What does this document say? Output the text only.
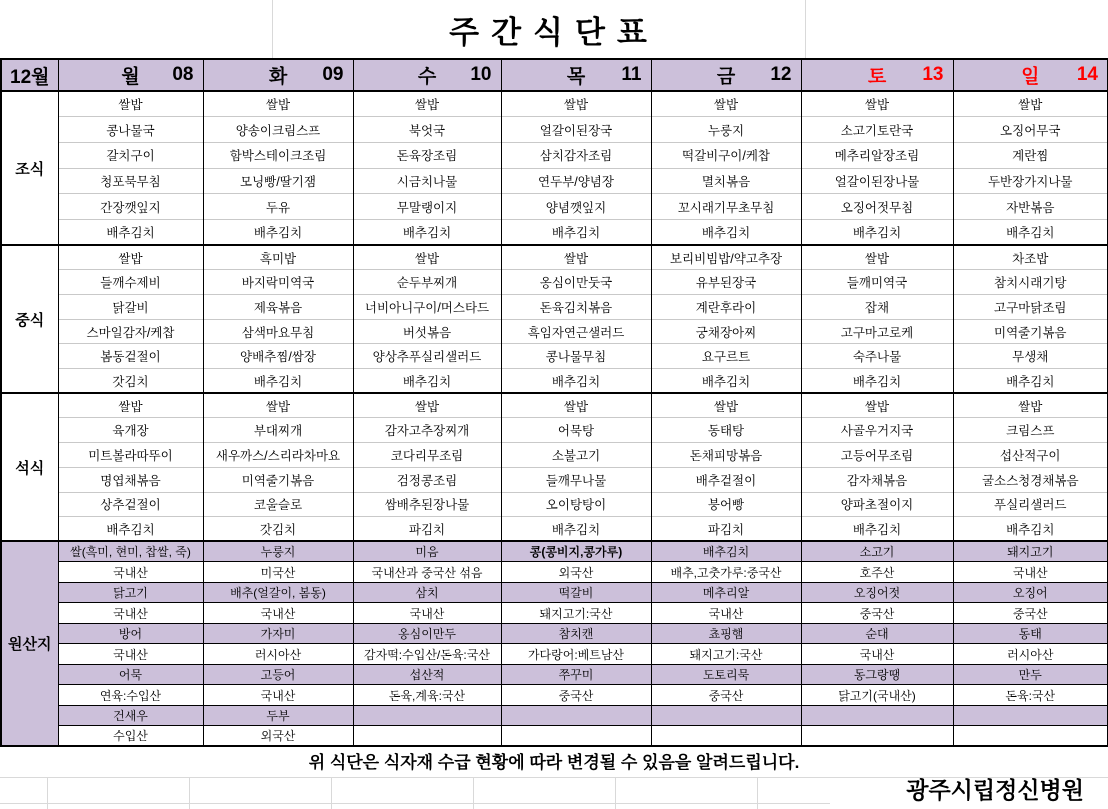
주간식단표
12월	월 08	화 09	수 10	목 11	금 12	토 13	일 14

조식	쌀밥	쌀밥	쌀밥	쌀밥	쌀밥	쌀밥	쌀밥
	콩나물국	양송이크림스프	북엇국	얼갈이된장국	누룽지	소고기토란국	오징어무국
	갈치구이	함박스테이크조림	돈육장조림	삼치감자조림	떡갈비구이/케찹	메추리알장조림	계란찜
	청포묵무침	모닝빵/딸기잼	시금치나물	연두부/양념장	멸치볶음	얼갈이된장나물	두반장가지나물
	간장깻잎지	두유	무말랭이지	양념깻잎지	꼬시래기무초무침	오징어젓무침	자반볶음
	배추김치	배추김치	배추김치	배추김치	배추김치	배추김치	배추김치
중식	쌀밥	흑미밥	쌀밥	쌀밥	보리비빔밥/약고추장	쌀밥	차조밥
	들깨수제비	바지락미역국	순두부찌개	옹심이만둣국	유부된장국	들깨미역국	참치시래기탕
	닭갈비	제육볶음	너비아니구이/머스타드	돈육김치볶음	계란후라이	잡채	고구마닭조림
	스마일감자/케찹	삼색마요무침	버섯볶음	흑임자연근샐러드	궁채장아찌	고구마고로케	미역줄기볶음
	봄동겉절이	양배추찜/쌈장	양상추푸실리샐러드	콩나물무침	요구르트	숙주나물	무생채
	갓김치	배추김치	배추김치	배추김치	배추김치	배추김치	배추김치
석식	쌀밥	쌀밥	쌀밥	쌀밥	쌀밥	쌀밥	쌀밥
	육개장	부대찌개	감자고추장찌개	어묵탕	동태탕	사골우거지국	크림스프
	미트볼라따뚜이	새우까스/스리라차마요	코다리무조림	소불고기	돈채피망볶음	고등어무조림	섭산적구이
	명엽채볶음	미역줄기볶음	검정콩조림	들깨무나물	배추겉절이	감자채볶음	굴소스청경채볶음
	상추겉절이	코울슬로	쌈배추된장나물	오이탕탕이	붕어빵	양파초절이지	푸실리샐러드
	배추김치	갓김치	파김치	배추김치	파김치	배추김치	배추김치
원산지	쌀(흑미, 현미, 찹쌀, 죽)	누룽지	미음	콩(콩비지,콩가루)	배추김치	소고기	돼지고기
	국내산	미국산	국내산과 중국산 섞음	외국산	배추,고춧가루:중국산	호주산	국내산
	닭고기	배추(얼갈이, 봄동)	삼치	떡갈비	메추리알	오징어젓	오징어
	국내산	국내산	국내산	돼지고기:국산	국내산	중국산	중국산
	방어	가자미	옹심이만두	참치캔	쵸핑햄	순대	동태
	국내산	러시아산	감자떡:수입산/돈육:국산	가다랑어:베트남산	돼지고기:국산	국내산	러시아산
	어묵	고등어	섭산적	쭈꾸미	도토리묵	동그랑땡	만두
	연육:수입산	국내산	돈육,계육:국산	중국산	중국산	닭고기(국내산)	돈육:국산
	건새우	두부					
	수입산	외국산					
위 식단은 식자재 수급 현황에 따라 변경될 수 있음을 알려드립니다.
광주시립정신병원
